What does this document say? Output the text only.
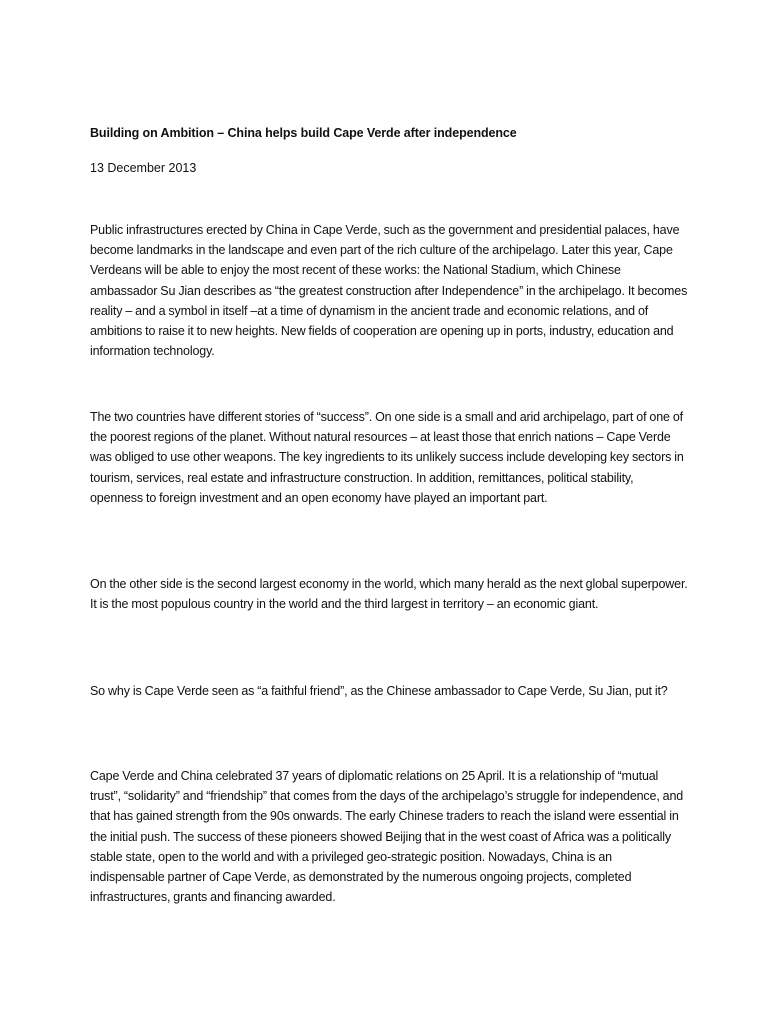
Building on Ambition – China helps build Cape Verde after independence

13 December 2013

Public infrastructures erected by China in Cape Verde, such as the government and presidential palaces, have become landmarks in the landscape and even part of the rich culture of the archipelago. Later this year, Cape Verdeans will be able to enjoy the most recent of these works: the National Stadium, which Chinese ambassador Su Jian describes as “the greatest construction after Independence” in the archipelago. It becomes reality – and a symbol in itself –at a time of dynamism in the ancient trade and economic relations, and of ambitions to raise it to new heights. New fields of cooperation are opening up in ports, industry, education and information technology.

The two countries have different stories of “success”. On one side is a small and arid archipelago, part of one of the poorest regions of the planet. Without natural resources – at least those that enrich nations – Cape Verde was obliged to use other weapons. The key ingredients to its unlikely success include developing key sectors in tourism, services, real estate and infrastructure construction. In addition, remittances, political stability, openness to foreign investment and an open economy have played an important part.

On the other side is the second largest economy in the world, which many herald as the next global superpower. It is the most populous country in the world and the third largest in territory – an economic giant.

So why is Cape Verde seen as “a faithful friend”, as the Chinese ambassador to Cape Verde, Su Jian, put it?

Cape Verde and China celebrated 37 years of diplomatic relations on 25 April. It is a relationship of “mutual trust”, “solidarity” and “friendship” that comes from the days of the archipelago’s struggle for independence, and that has gained strength from the 90s onwards. The early Chinese traders to reach the island were essential in the initial push. The success of these pioneers showed Beijing that in the west coast of Africa was a politically stable state, open to the world and with a privileged geo-strategic position. Nowadays, China is an indispensable partner of Cape Verde, as demonstrated by the numerous ongoing projects, completed infrastructures, grants and financing awarded.
